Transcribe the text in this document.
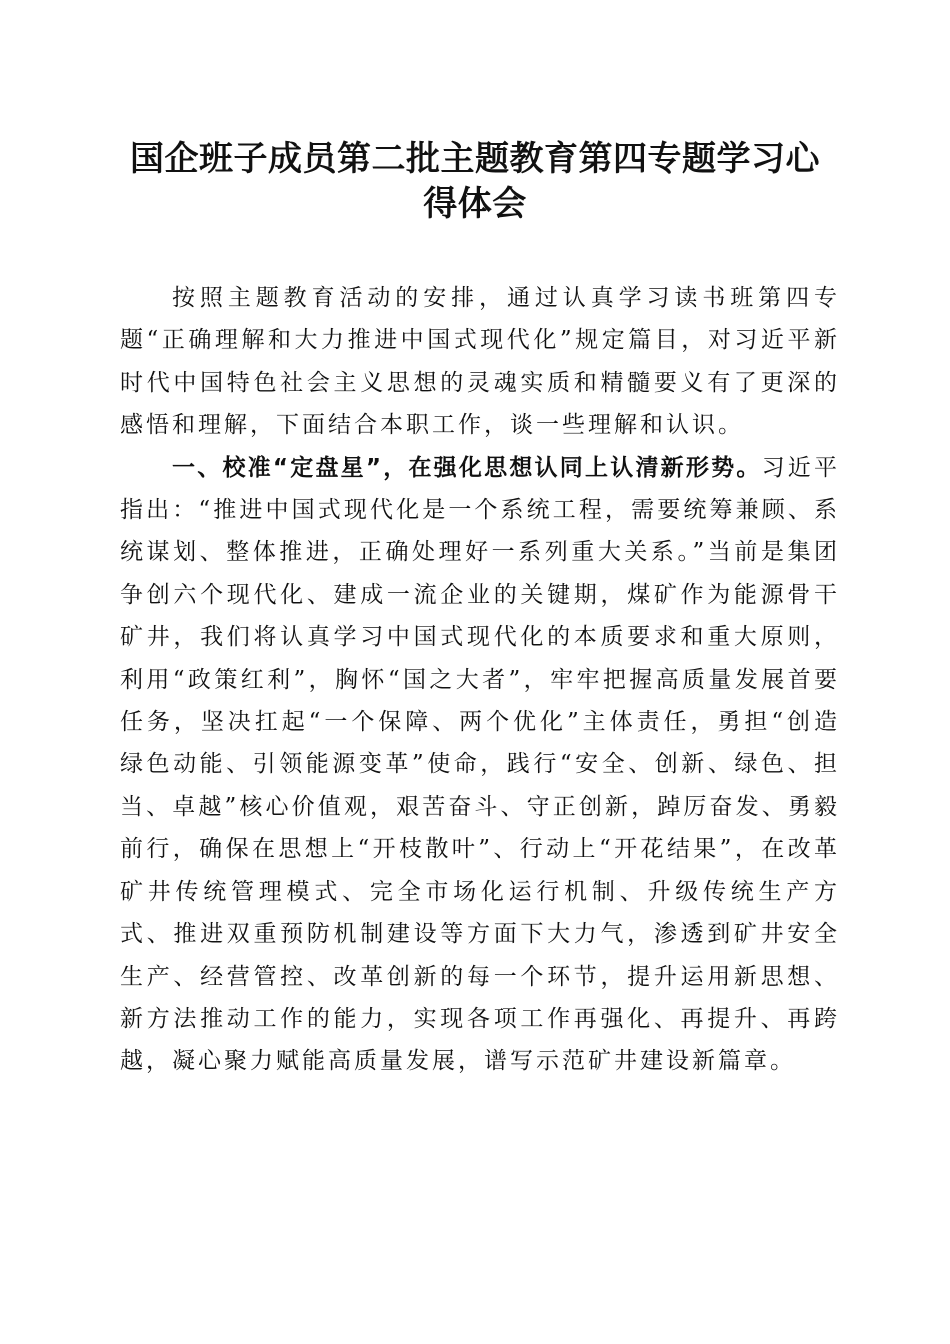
国企班子成员第二批主题教育第四专题学习心
得体会

按照主题教育活动的安排，通过认真学习读书班第四专题“正确理解和大力推进中国式现代化”规定篇目，对习近平新时代中国特色社会主义思想的灵魂实质和精髓要义有了更深的感悟和理解，下面结合本职工作，谈一些理解和认识。

一、校准“定盘星”，在强化思想认同上认清新形势。习近平指出：“推进中国式现代化是一个系统工程，需要统筹兼顾、系统谋划、整体推进，正确处理好一系列重大关系。”当前是集团争创六个现代化、建成一流企业的关键期，煤矿作为能源骨干矿井，我们将认真学习中国式现代化的本质要求和重大原则，利用“政策红利”，胸怀“国之大者”，牢牢把握高质量发展首要任务，坚决扛起“一个保障、两个优化”主体责任，勇担“创造绿色动能、引领能源变革”使命，践行“安全、创新、绿色、担当、卓越”核心价值观，艰苦奋斗、守正创新，踔厉奋发、勇毅前行，确保在思想上“开枝散叶”、行动上“开花结果”，在改革矿井传统管理模式、完全市场化运行机制、升级传统生产方式、推进双重预防机制建设等方面下大力气，渗透到矿井安全生产、经营管控、改革创新的每一个环节，提升运用新思想、新方法推动工作的能力，实现各项工作再强化、再提升、再跨越，凝心聚力赋能高质量发展，谱写示范矿井建设新篇章。
